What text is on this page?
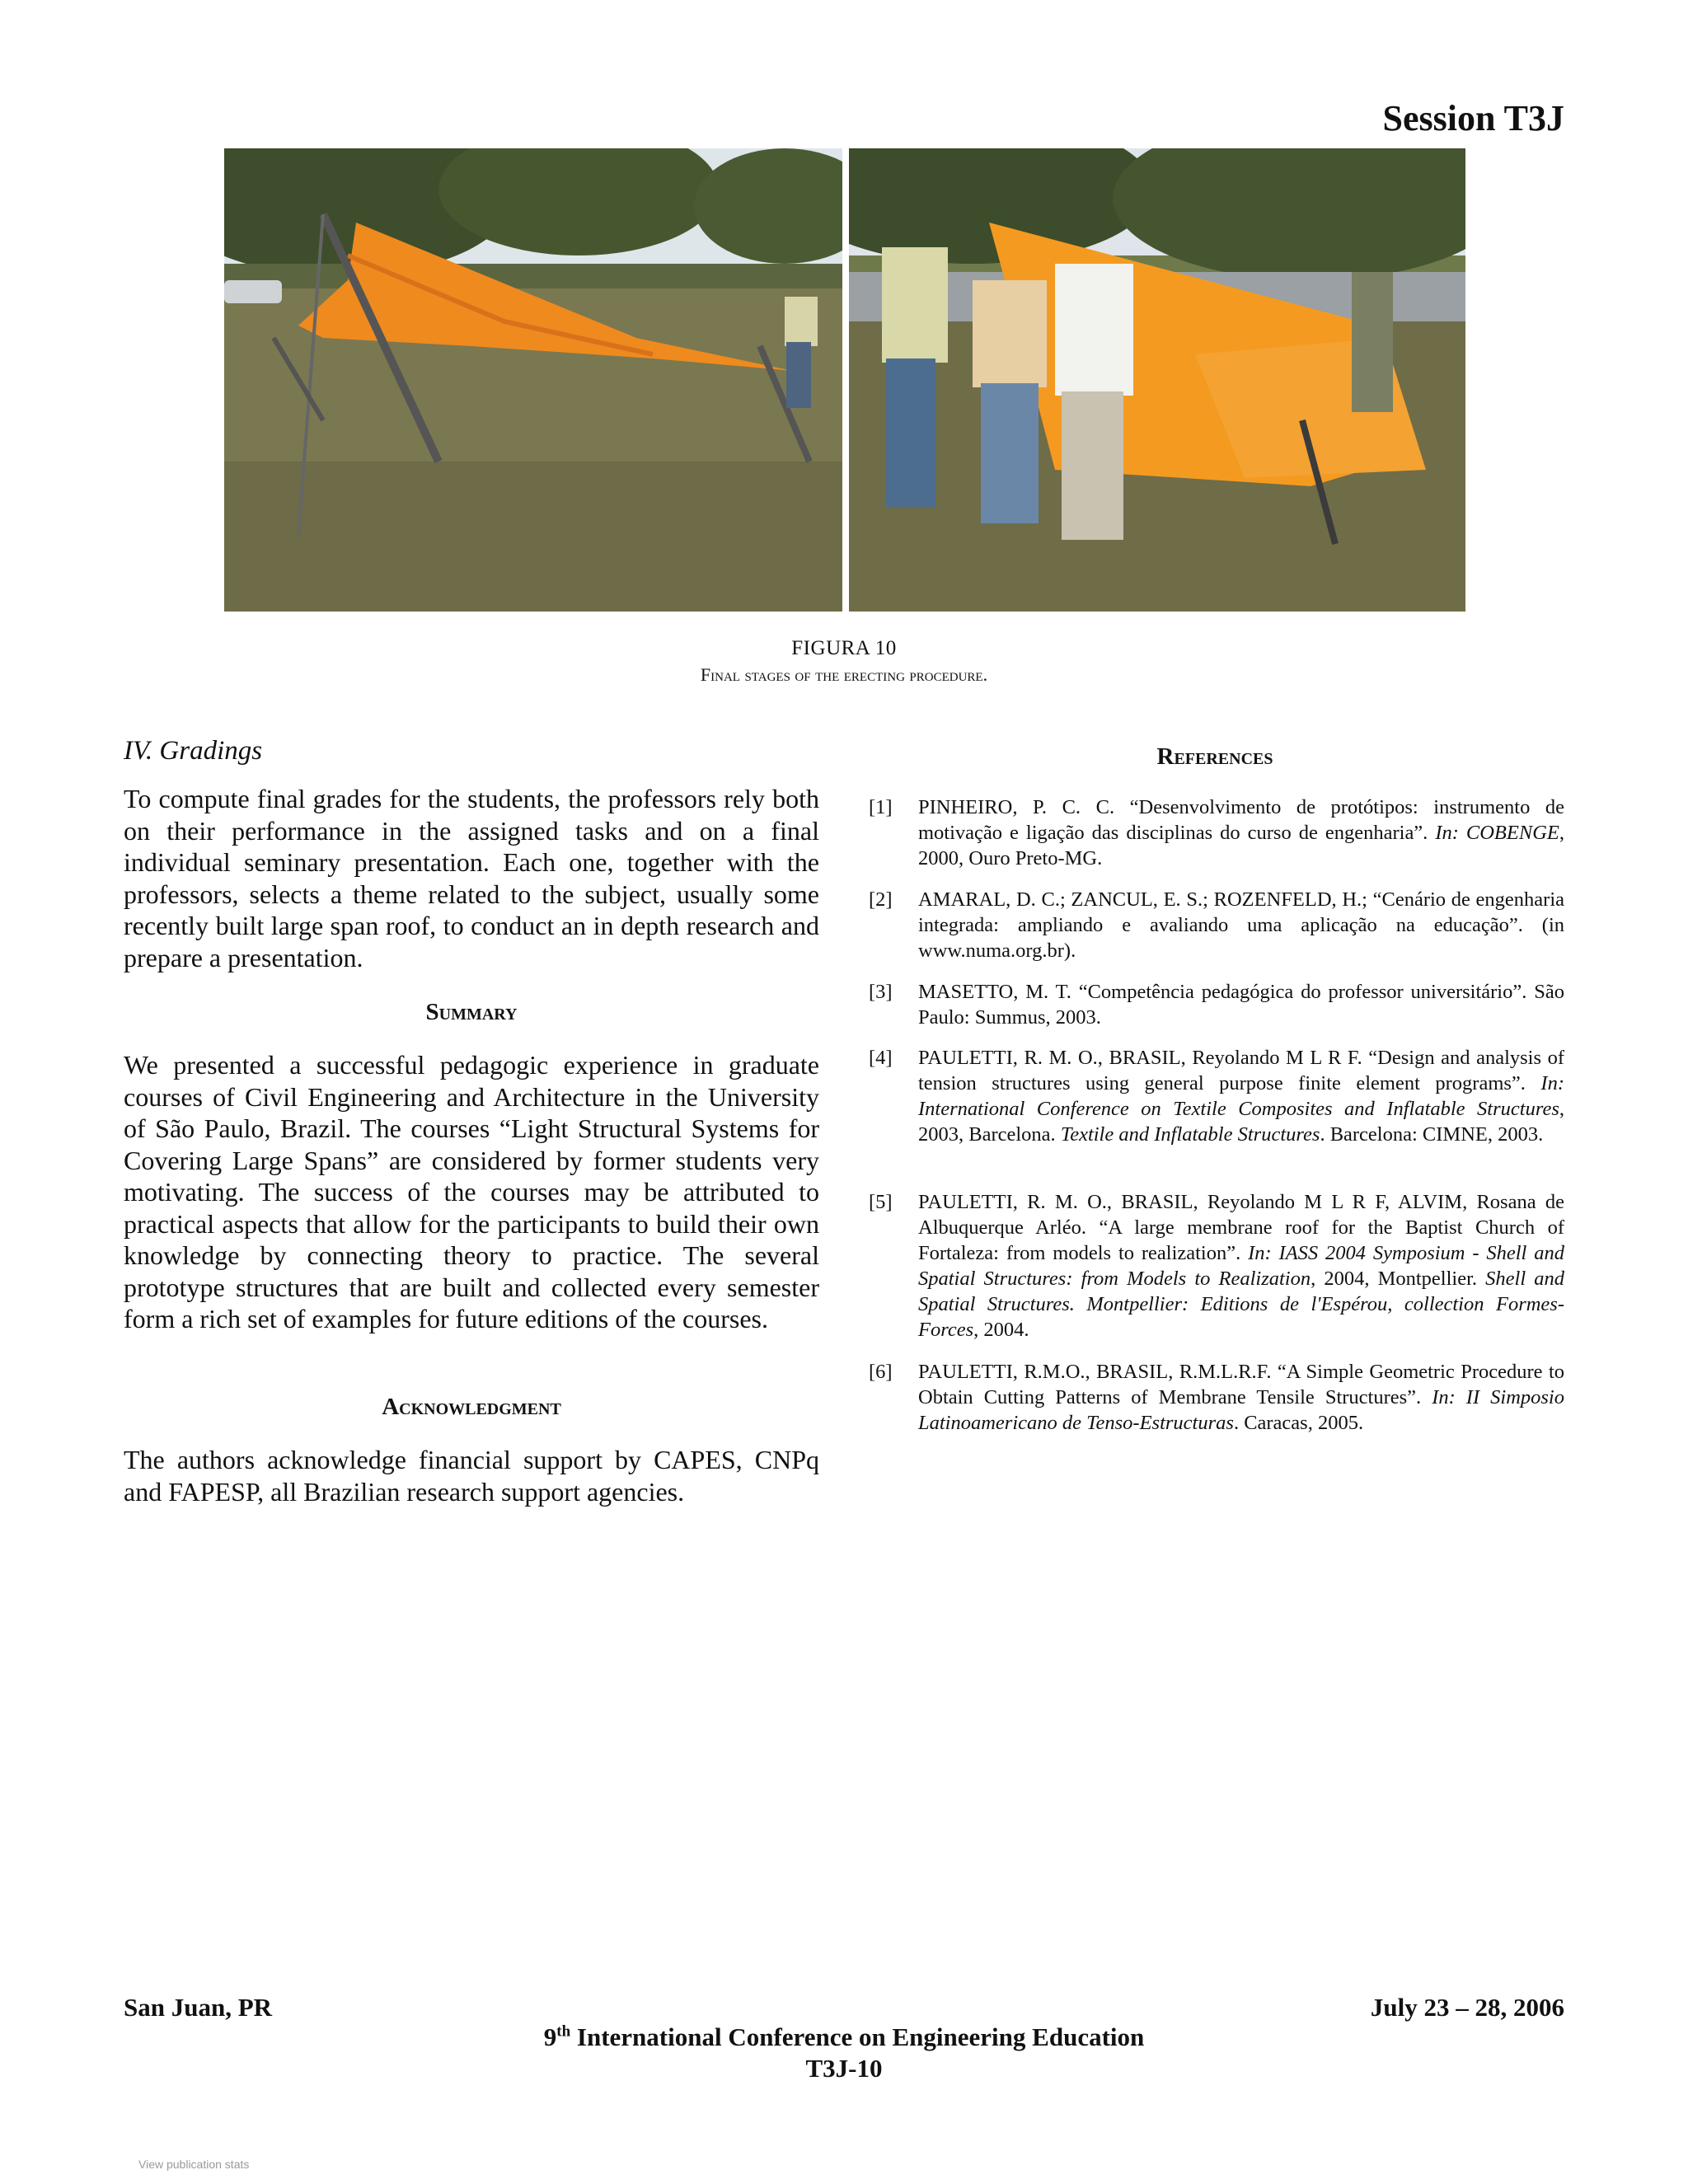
Session T3J
FIGURA 10
Final stages of the erecting procedure.
IV. Gradings

To compute final grades for the students, the professors rely both on their performance in the assigned tasks and on a final individual seminary presentation. Each one, together with the professors, selects a theme related to the subject, usually some recently built large span roof, to conduct an in depth research and prepare a presentation.

Summary

We presented a successful pedagogic experience in graduate courses of Civil Engineering and Architecture in the University of São Paulo, Brazil. The courses “Light Structural Systems for Covering Large Spans” are considered by former students very motivating. The success of the courses may be attributed to practical aspects that allow for the participants to build their own knowledge by connecting theory to practice. The several prototype structures that are built and collected every semester form a rich set of examples for future editions of the courses.

Acknowledgment

The authors acknowledge financial support by CAPES, CNPq and FAPESP, all Brazilian research support agencies.

References
[1] PINHEIRO, P. C. C. “Desenvolvimento de protótipos: instrumento de motivação e ligação das disciplinas do curso de engenharia”. In: COBENGE, 2000, Ouro Preto-MG.
[2] AMARAL, D. C.; ZANCUL, E. S.; ROZENFELD, H.; “Cenário de engenharia integrada: ampliando e avaliando uma aplicação na educação”. (in www.numa.org.br).
[3] MASETTO, M. T. “Competência pedagógica do professor universitário”. São Paulo: Summus, 2003.
[4] PAULETTI, R. M. O., BRASIL, Reyolando M L R F. “Design and analysis of tension structures using general purpose finite element programs”. In: International Conference on Textile Composites and Inflatable Structures, 2003, Barcelona. Textile and Inflatable Structures. Barcelona: CIMNE, 2003.
[5] PAULETTI, R. M. O., BRASIL, Reyolando M L R F, ALVIM, Rosana de Albuquerque Arléo. “A large membrane roof for the Baptist Church of Fortaleza: from models to realization”. In: IASS 2004 Symposium - Shell and Spatial Structures: from Models to Realization, 2004, Montpellier. Shell and Spatial Structures. Montpellier: Editions de l'Espérou, collection Formes-Forces, 2004.
[6] PAULETTI, R.M.O., BRASIL, R.M.L.R.F. “A Simple Geometric Procedure to Obtain Cutting Patterns of Membrane Tensile Structures”. In: II Simposio Latinoamericano de Tenso-Estructuras. Caracas, 2005.
San Juan, PR	July 23 – 28, 2006
9th International Conference on Engineering Education
T3J-10
View publication stats
